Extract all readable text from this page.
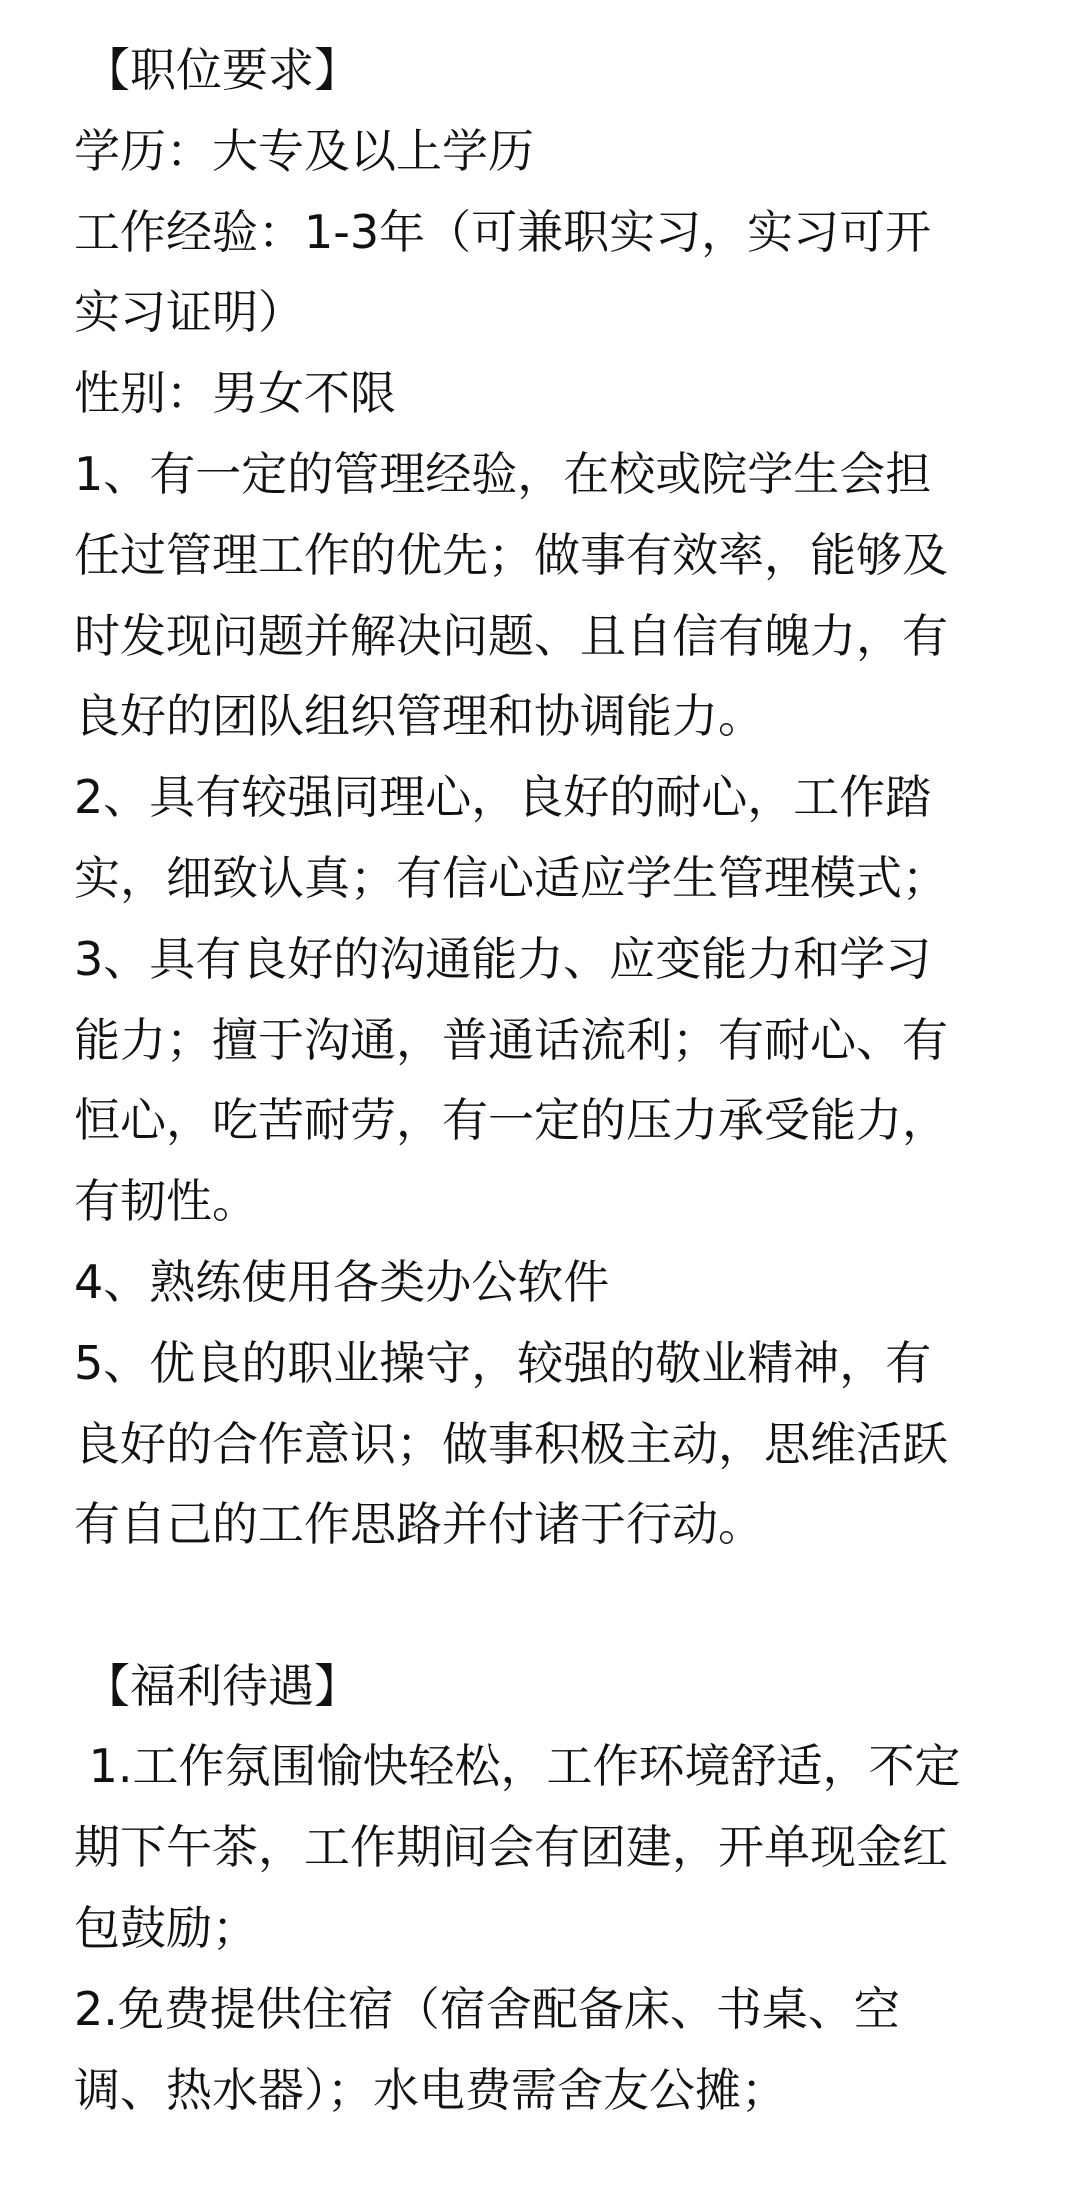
【职位要求】
学历：大专及以上学历
工作经验：1-3年（可兼职实习，实习可开
实习证明）
性别：男女不限
1、有一定的管理经验，在校或院学生会担
任过管理工作的优先；做事有效率，能够及
时发现问题并解决问题、且自信有魄力，有
良好的团队组织管理和协调能力。
2、具有较强同理心，良好的耐心，工作踏
实，细致认真；有信心适应学生管理模式；
3、具有良好的沟通能力、应变能力和学习
能力；擅于沟通，普通话流利；有耐心、有
恒心，吃苦耐劳，有一定的压力承受能力，
有韧性。
4、熟练使用各类办公软件
5、优良的职业操守，较强的敬业精神，有
良好的合作意识；做事积极主动，思维活跃
有自己的工作思路并付诸于行动。
【福利待遇】
1.工作氛围愉快轻松，工作环境舒适，不定
期下午茶，工作期间会有团建，开单现金红
包鼓励；
2.免费提供住宿（宿舍配备床、书桌、空
调、热水器）；水电费需舍友公摊；
